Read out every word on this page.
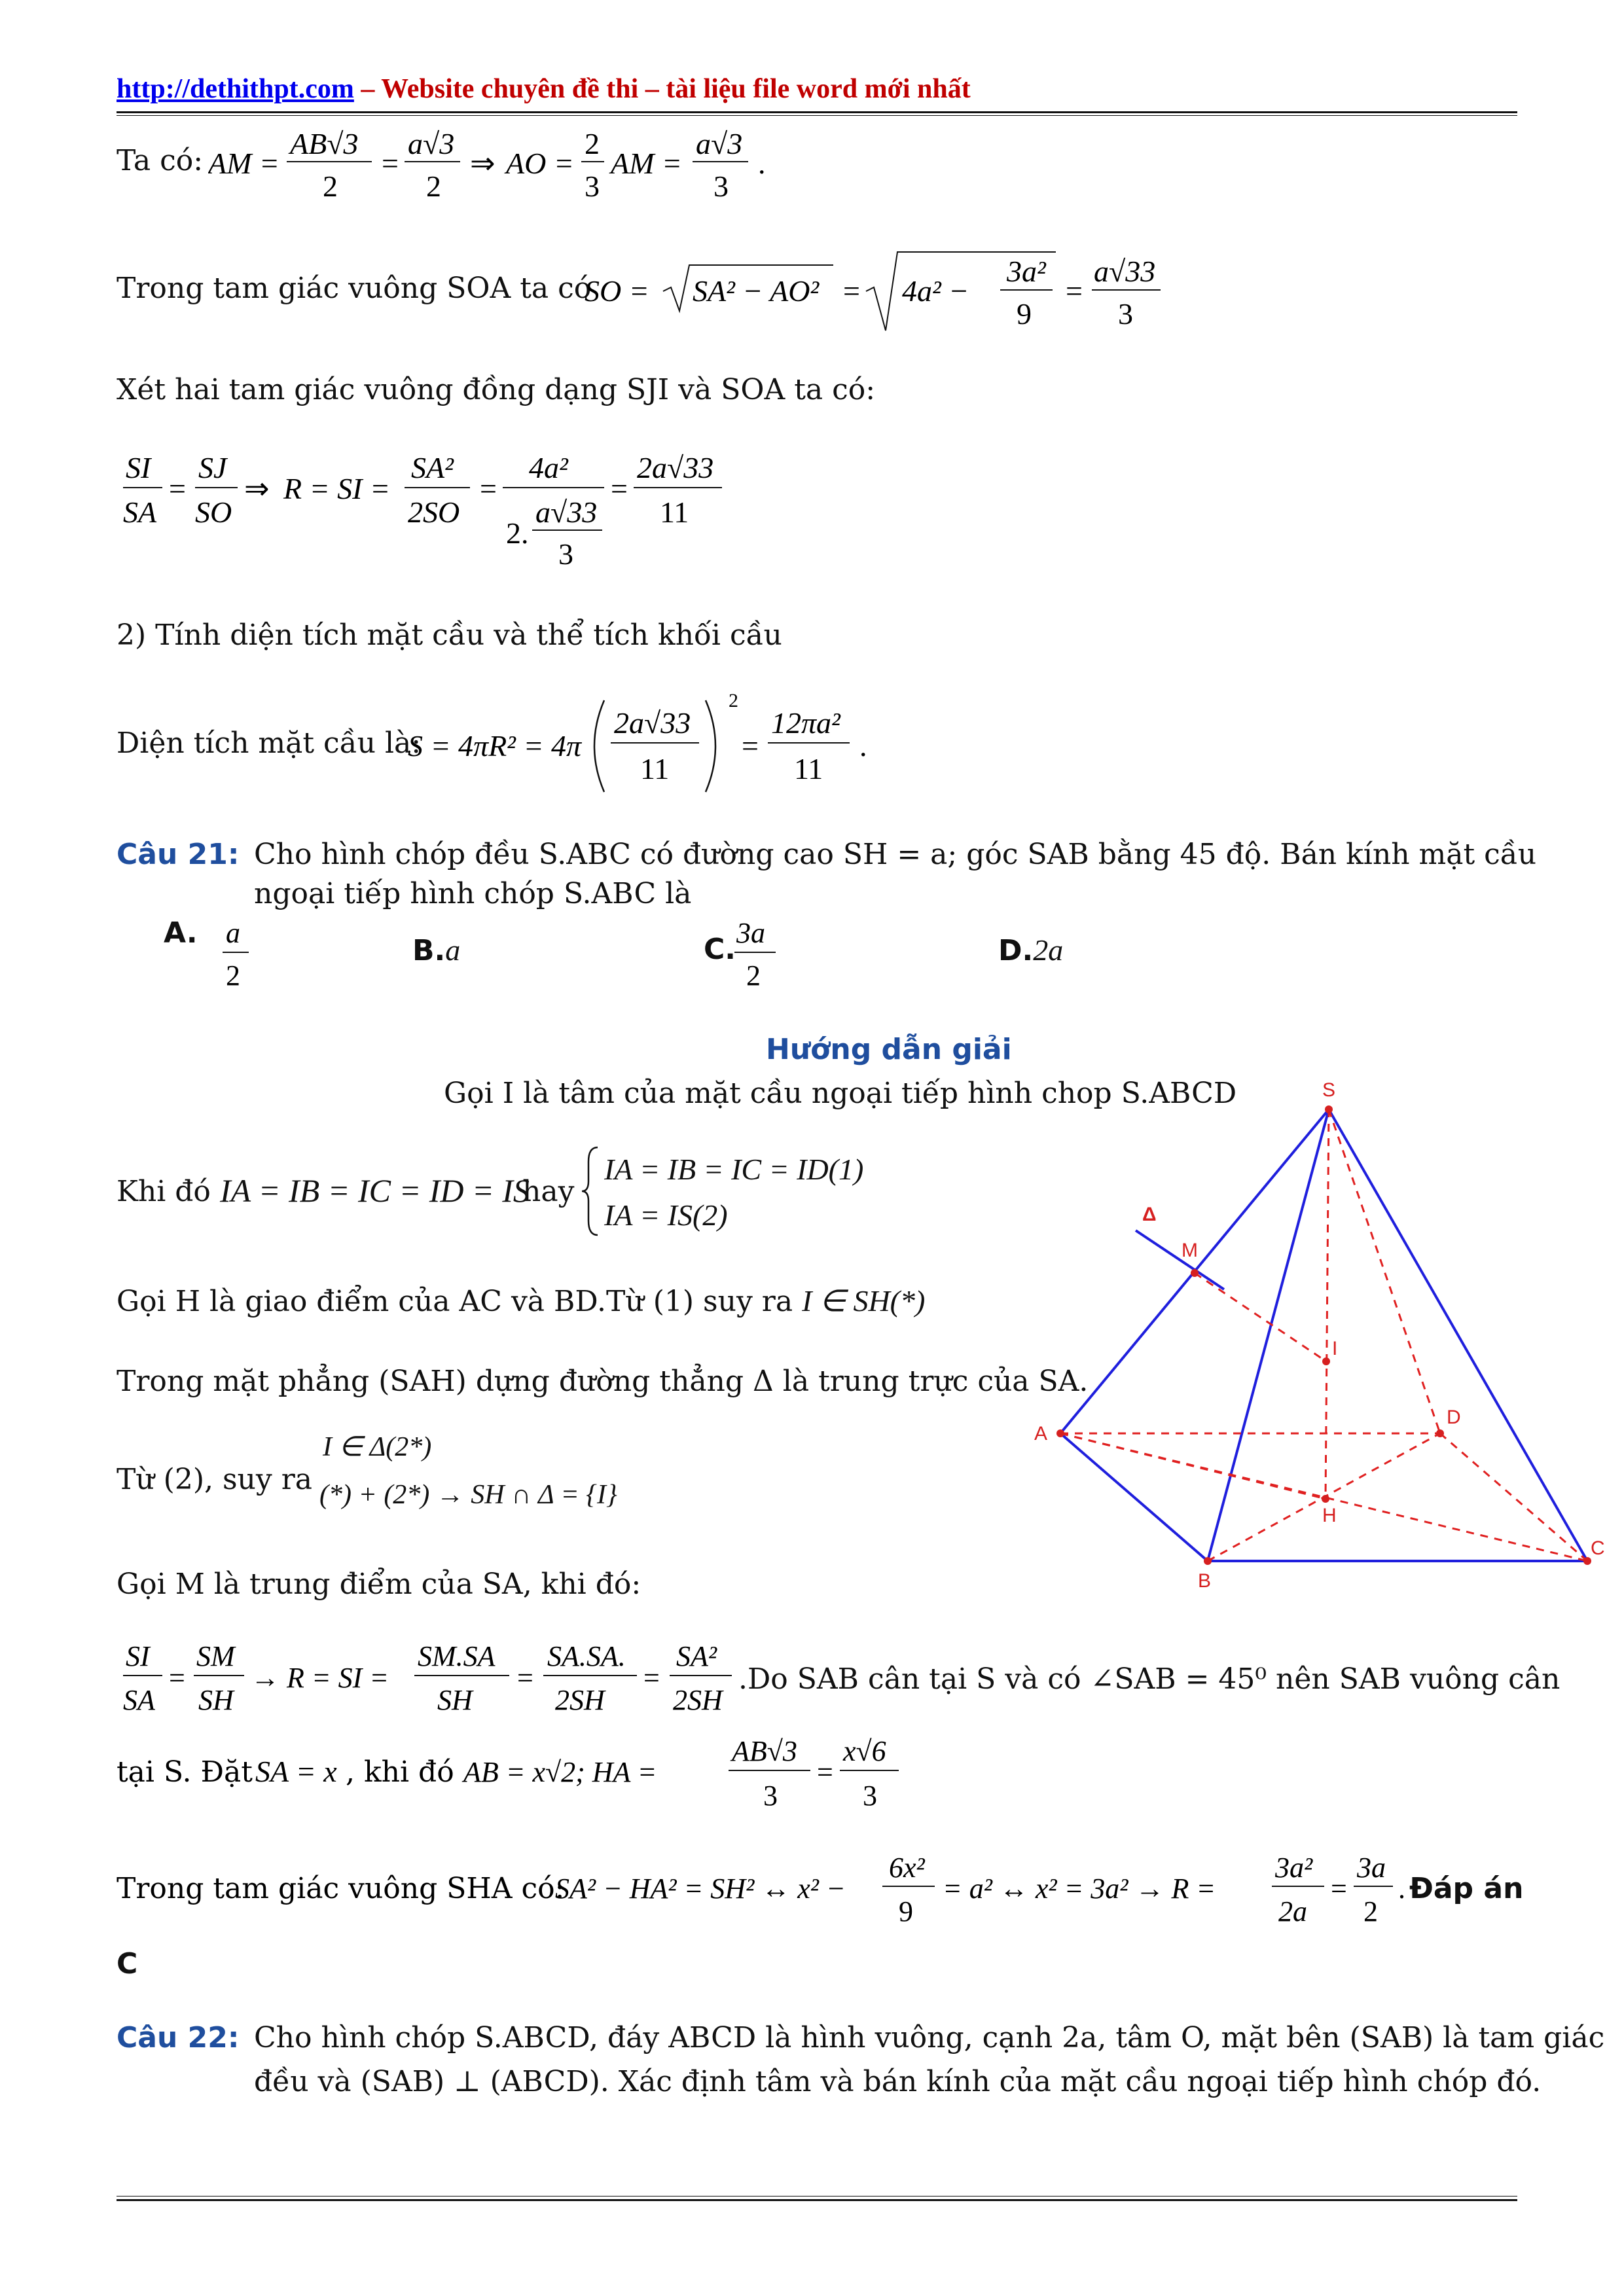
http://dethithpt.com – Website chuyên đề thi – tài liệu file word mới nhất
Ta có: AM =
AB√3
2
=
a√3
2
⇒ AO =
2
3
AM =
a√3
3
.
Trong tam giác vuông SOA ta có
SO = SA² − AO² = 4a² −
3a²
9
=
a√33
3
Xét hai tam giác vuông đồng dạng SJI và SOA ta có:
SI
SA
=
SJ
SO
⇒ R = SI =
SA²
2SO
=
4a²
2.
a√33
3
=
2a√33
11
2) Tính diện tích mặt cầu và thể tích khối cầu
Diện tích mặt cầu là:
S = 4πR² = 4π
2a√33
11
2
=
12πa²
11
.
Câu 21: Cho hình chóp đều S.ABC có đường cao SH = a; góc SAB bằng 45 độ. Bán kính mặt cầu
ngoại tiếp hình chóp S.ABC là
A. a
2
B.a	C. 3a
2
D.2a
Hướng dẫn giải
Gọi I là tâm của mặt cầu ngoại tiếp hình chop S.ABCD
Khi đó IA = IB = IC = ID = IS
hay
IA = IB = IC = ID(1)
IA = IS(2)
Gọi H là giao điểm của AC và BD.Từ (1) suy ra I ∈ SH(*)
Trong mặt phẳng (SAH) dựng đường thẳng Δ là trung trực của SA.
Từ (2), suy ra
I ∈ Δ(2*)
(*) + (2*) → SH ∩ Δ = {I}
Gọi M là trung điểm của SA, khi đó:
SI
SA
=
SM
SH
→ R = SI =
SM.SA
SH
=
SA.SA.
2SH
=
SA²
2SH
.Do SAB cân tại S và có ∠SAB = 45⁰ nên SAB vuông cân
tại S. Đặt SA = x , khi đó AB = x√2; HA =
AB√3
3
=
x√6
3
Trong tam giác vuông SHA có:
SA² − HA² = SH² ↔ x² −
6x²
9
= a² ↔ x² = 3a² → R =
3a²
2a
=
3a
2
. Đáp án
C
Câu 22: Cho hình chóp S.ABCD, đáy ABCD là hình vuông, cạnh 2a, tâm O, mặt bên (SAB) là tam giác
đều và (SAB) ⊥ (ABCD). Xác định tâm và bán kính của mặt cầu ngoại tiếp hình chóp đó.
S
M
Δ
I
A
D
H
B
C
